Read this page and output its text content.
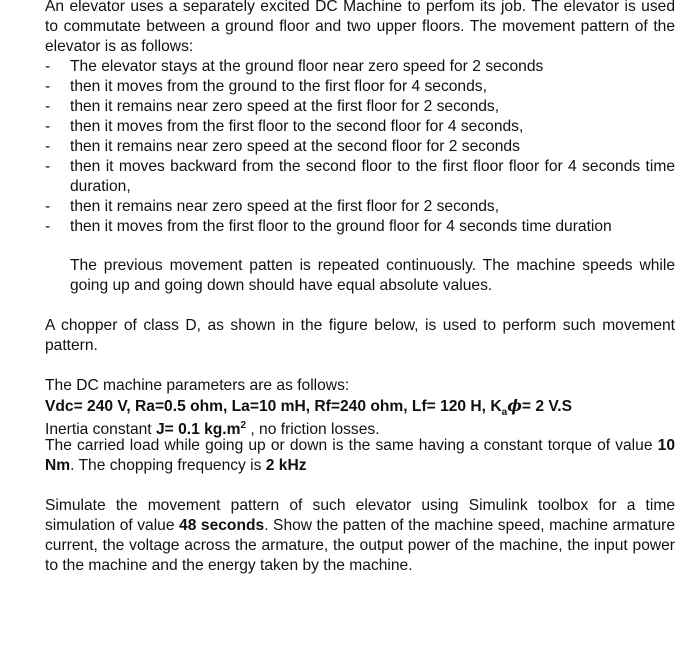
An elevator uses a separately excited DC Machine to perfom its job. The elevator is used to commutate between a ground floor and two upper floors. The movement pattern of the elevator is as follows:

- The elevator stays at the ground floor near zero speed for 2 seconds
- then it moves from the ground to the first floor for 4 seconds,
- then it remains near zero speed at the first floor for 2 seconds,
- then it moves from the first floor to the second floor for 4 seconds,
- then it remains near zero speed at the second floor for 2 seconds
- then it moves backward from the second floor to the first floor floor for 4 seconds time duration,
- then it remains near zero speed at the first floor for 2 seconds,
- then it moves from the first floor to the ground floor for 4 seconds time duration

The previous movement patten is repeated continuously. The machine speeds while going up and going down should have equal absolute values.

A chopper of class D, as shown in the figure below, is used to perform such movement pattern.

The DC machine parameters are as follows:

Vdc= 240 V, Ra=0.5 ohm, La=10 mH, Rf=240 ohm, Lf= 120 H, $K_a\phi= 2$ V.S

Inertia constant J= 0.1 $kg.m^2$ , no friction losses.

The carried load while going up or down is the same having a constant torque of value 10 Nm. The chopping frequency is 2 kHz

Simulate the movement pattern of such elevator using Simulink toolbox for a time simulation of value 48 seconds. Show the patten of the machine speed, machine armature current, the voltage across the armature, the output power of the machine, the input power to the machine and the energy taken by the machine.
